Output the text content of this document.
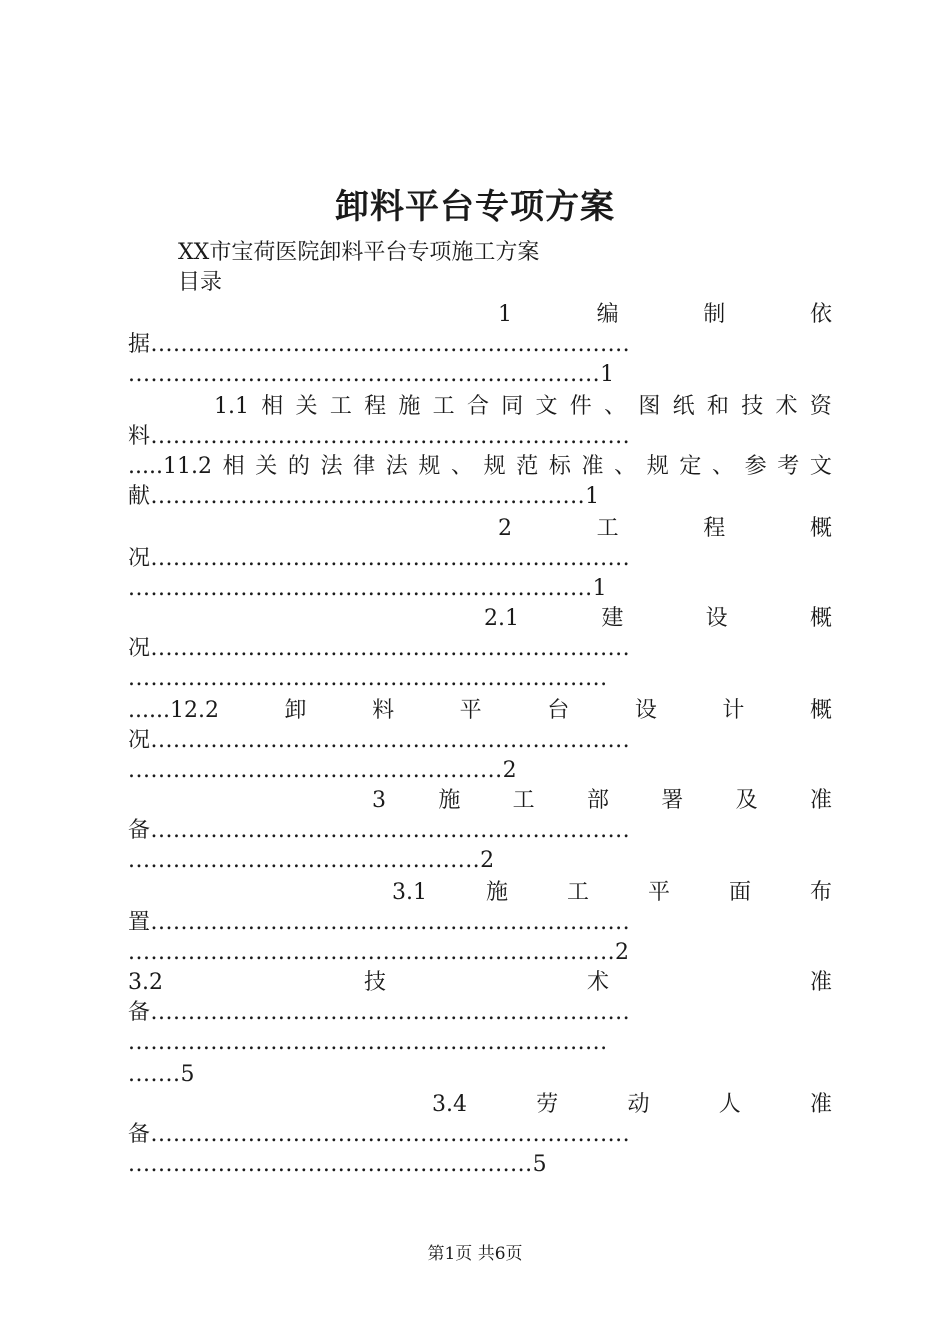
卸料平台专项方案
XX市宝荷医院卸料平台专项施工方案
目录
1	编	制	依
据................................................................
...............................................................1
1.1 相 关 工 程 施 工 合 同 文 件 、 图 纸 和 技 术 资
料................................................................
.....11.2 相 关 的 法 律 法 规 、 规 范 标 准 、 规 定 、 参 考 文
献..........................................................1
2	工	程	概
况................................................................
..............................................................1
2.1	建	设	概
况................................................................
................................................................
......12.2	卸	料	平	台	设	计	概
况................................................................
..................................................2
3 施 工 部 署 及 准
备................................................................
...............................................2
3.1	施	工	平	面	布
置................................................................
.................................................................2
3.2	技	术	准
备................................................................
................................................................
.......5
3.4	劳	动	人	准
备................................................................
......................................................5
第1页 共6页
